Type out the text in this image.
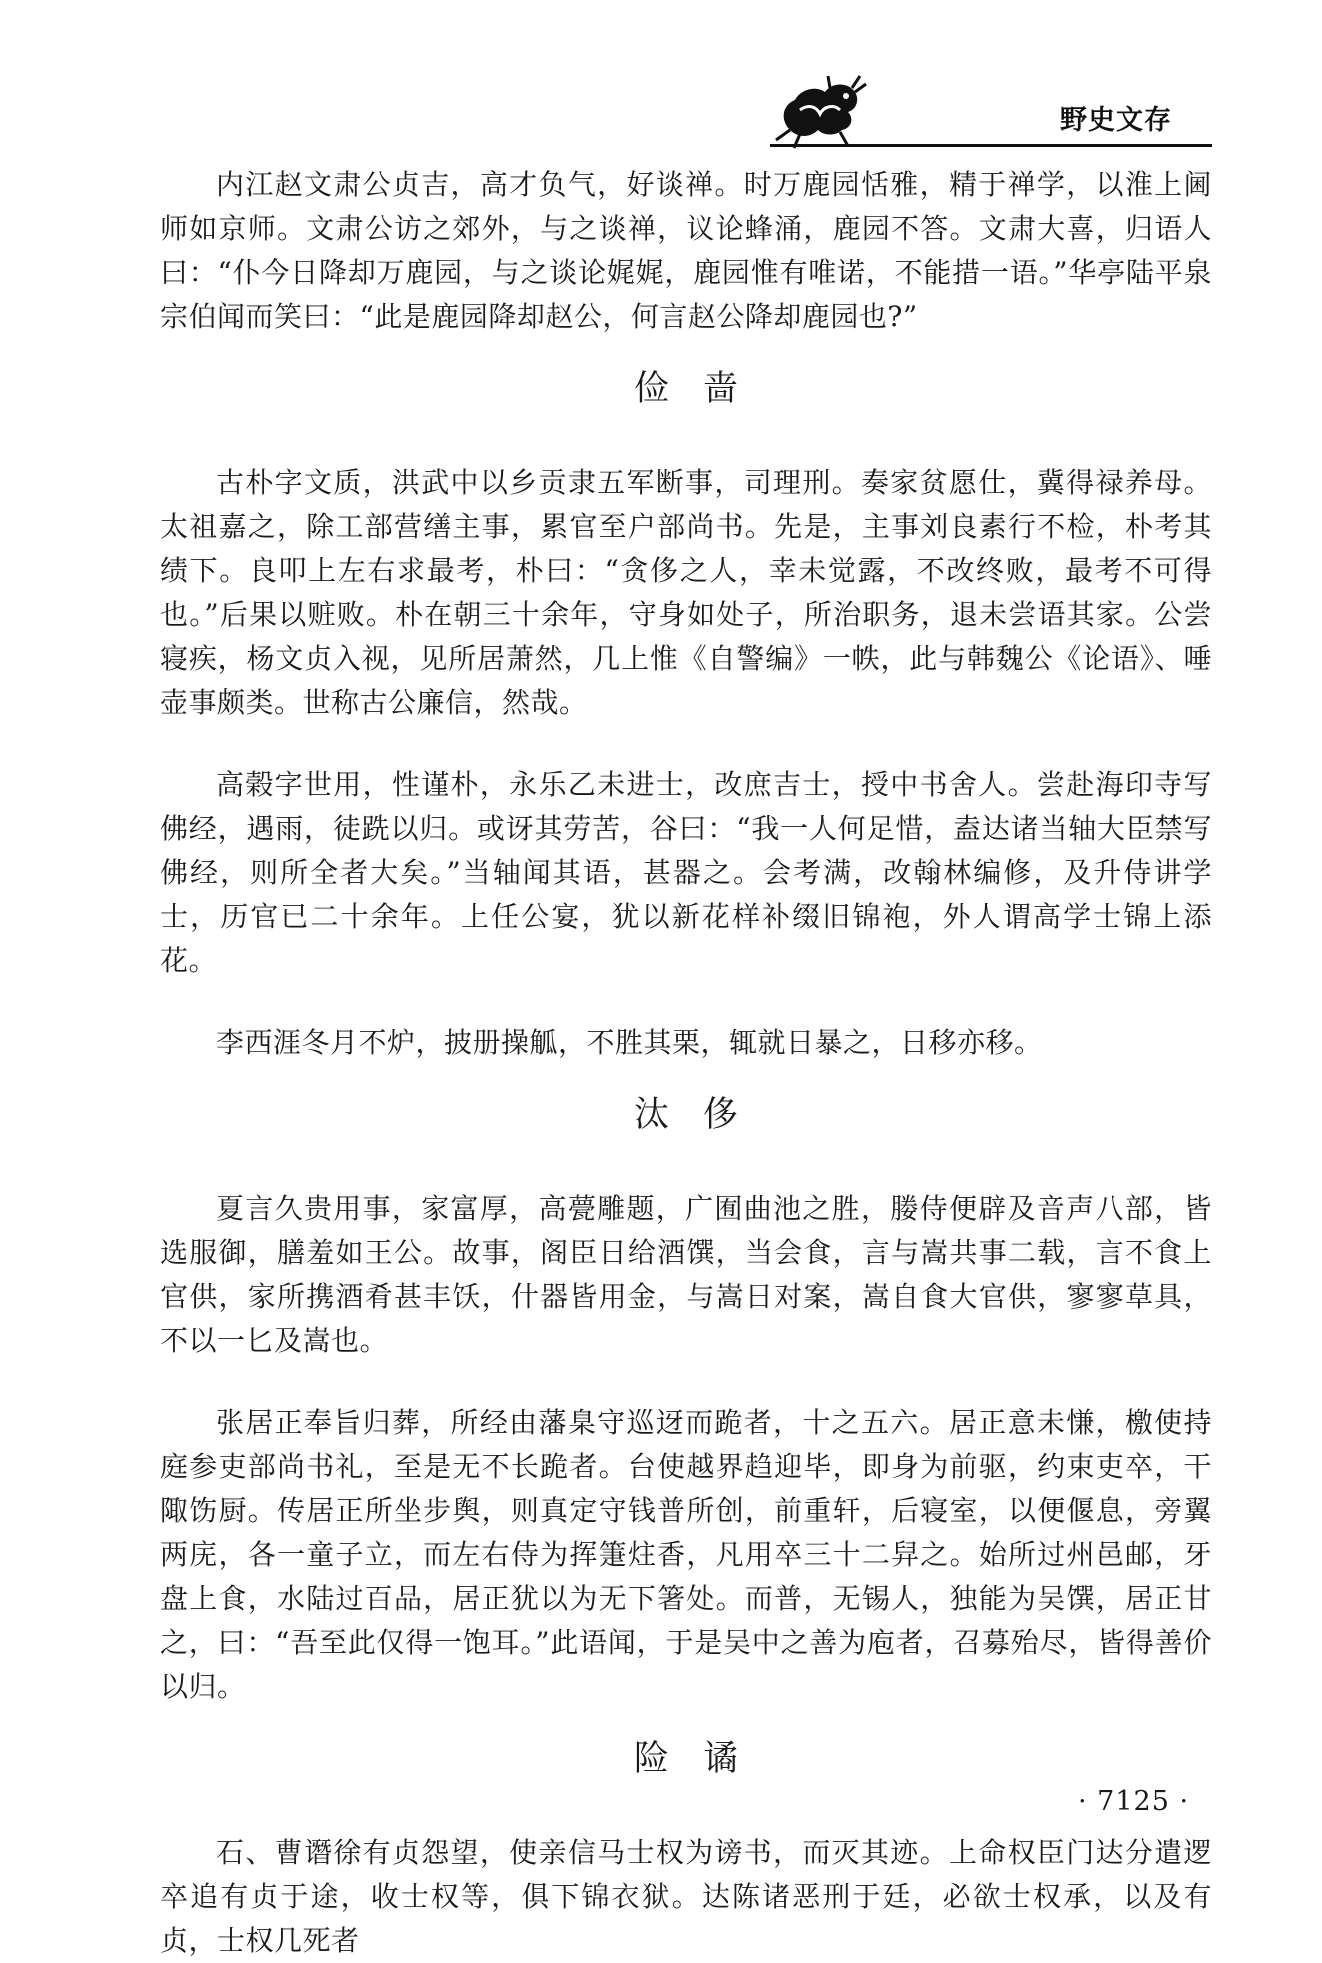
野史文存

内江赵文肃公贞吉，高才负气，好谈禅。时万鹿园恬雅，精于禅学，以淮上阃师如京师。文肃公访之郊外，与之谈禅，议论蜂涌，鹿园不答。文肃大喜，归语人曰：“仆今日降却万鹿园，与之谈论娓娓，鹿园惟有唯诺，不能措一语。”华亭陆平泉宗伯闻而笑曰：“此是鹿园降却赵公，何言赵公降却鹿园也?”

俭啬

古朴字文质，洪武中以乡贡隶五军断事，司理刑。奏家贫愿仕，冀得禄养母。太祖嘉之，除工部营缮主事，累官至户部尚书。先是，主事刘良素行不检，朴考其绩下。良叩上左右求最考，朴曰：“贪侈之人，幸未觉露，不改终败，最考不可得也。”后果以赃败。朴在朝三十余年，守身如处子，所治职务，退未尝语其家。公尝寝疾，杨文贞入视，见所居萧然，几上惟《自警编》一帙，此与韩魏公《论语》、唾壶事颇类。世称古公廉信，然哉。

高榖字世用，性谨朴，永乐乙未进士，改庶吉士，授中书舍人。尝赴海印寺写佛经，遇雨，徒跣以归。或讶其劳苦，谷曰：“我一人何足惜，盍达诸当轴大臣禁写佛经，则所全者大矣。”当轴闻其语，甚器之。会考满，改翰林编修，及升侍讲学士，历官已二十余年。上任公宴，犹以新花样补缀旧锦袍，外人谓高学士锦上添花。

李西涯冬月不炉，披册操觚，不胜其栗，辄就日暴之，日移亦移。

汰侈

夏言久贵用事，家富厚，高甍雕题，广囿曲池之胜，媵侍便辟及音声八部，皆选服御，膳羞如王公。故事，阁臣日给酒馔，当会食，言与嵩共事二载，言不食上官供，家所携酒肴甚丰饫，什器皆用金，与嵩日对案，嵩自食大官供，寥寥草具，不以一匕及嵩也。

张居正奉旨归葬，所经由藩臬守巡迓而跪者，十之五六。居正意未慊，檄使持庭参吏部尚书礼，至是无不长跪者。台使越界趋迎毕，即身为前驱，约束吏卒，干陬饬厨。传居正所坐步舆，则真定守钱普所创，前重轩，后寝室，以便偃息，旁翼两庑，各一童子立，而左右侍为挥箑炷香，凡用卒三十二舁之。始所过州邑邮，牙盘上食，水陆过百品，居正犹以为无下箸处。而普，无锡人，独能为吴馔，居正甘之，曰：“吾至此仅得一饱耳。”此语闻，于是吴中之善为庖者，召募殆尽，皆得善价以归。

险谲

石、曹谮徐有贞怨望，使亲信马士权为谤书，而灭其迹。上命权臣门达分遣逻卒追有贞于途，收士权等，俱下锦衣狱。达陈诸恶刑于廷，必欲士权承，以及有贞，士权几死者

· 7125 ·
